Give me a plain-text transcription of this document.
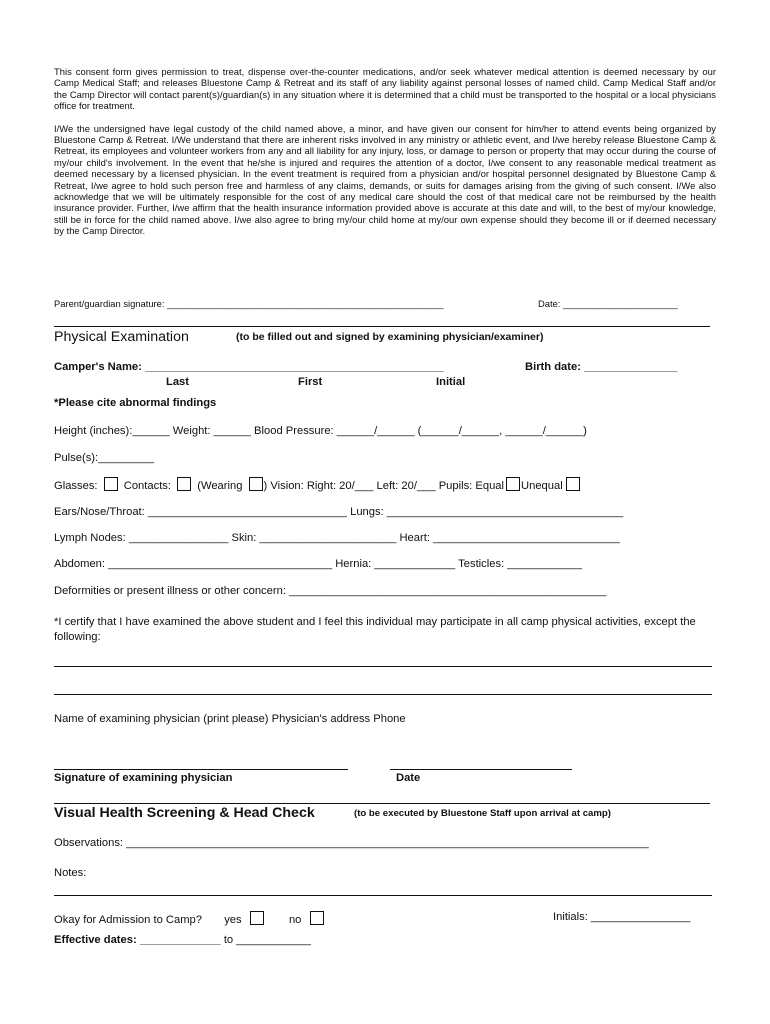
This consent form gives permission to treat, dispense over-the-counter medications, and/or seek whatever medical attention is deemed necessary by our Camp Medical Staff; and releases Bluestone Camp & Retreat and its staff of any liability against personal losses of named child. Camp Medical Staff and/or the Camp Director will contact parent(s)/guardian(s) in any situation where it is determined that a child must be transported to the hospital or a local physicians office for treatment.

I/We the undersigned have legal custody of the child named above, a minor, and have given our consent for him/her to attend events being organized by Bluestone Camp & Retreat. I/We understand that there are inherent risks involved in any ministry or athletic event, and I/we hereby release Bluestone Camp & Retreat, its employees and volunteer workers from any and all liability for any injury, loss, or damage to person or property that may occur during the course of my/our child's involvement. In the event that he/she is injured and requires the attention of a doctor, I/we consent to any reasonable medical treatment as deemed necessary by a licensed physician. In the event treatment is required from a physician and/or hospital personnel designated by Bluestone Camp & Retreat, I/we agree to hold such person free and harmless of any claims, demands, or suits for damages arising from the giving of such consent. I/We also acknowledge that we will be ultimately responsible for the cost of any medical care should the cost of that medical care not be reimbursed by the health insurance provider. Further, I/we affirm that the health insurance information provided above is accurate at this date and will, to the best of my/our knowledge, still be in force for the child named above. I/we also agree to bring my/our child home at my/our own expense should they become ill or if deemed necessary by the Camp Director.

Parent/guardian signature: _____________________________________________________	Date: ______________________
Physical Examination	(to be filled out and signed by examining physician/examiner)
Camper's Name: ________________________________________________	Birth date: _______________
Last	First	Initial
*Please cite abnormal findings
Height (inches):______ Weight: ______ Blood Pressure: ______/______ (______/______, ______/______)
Pulse(s):_________
Glasses: Contacts: (Wearing ) Vision: Right: 20/___ Left: 20/___ Pupils: Equal Unequal
Ears/Nose/Throat: ________________________________ Lungs: ______________________________________
Lymph Nodes: ________________ Skin: ______________________ Heart: ______________________________
Abdomen: ____________________________________ Hernia: _____________ Testicles: ____________
Deformities or present illness or other concern: ___________________________________________________
*I certify that I have examined the above student and I feel this individual may participate in all camp physical activities, except the following:
Name of examining physician (print please) Physician's address Phone
Signature of examining physician	Date
Visual Health Screening & Head Check	(to be executed by Bluestone Staff upon arrival at camp)
Observations: ____________________________________________________________________________________
Notes:
Okay for Admission to Camp? yes	no	Initials: ________________
Effective dates: _____________ to ____________
